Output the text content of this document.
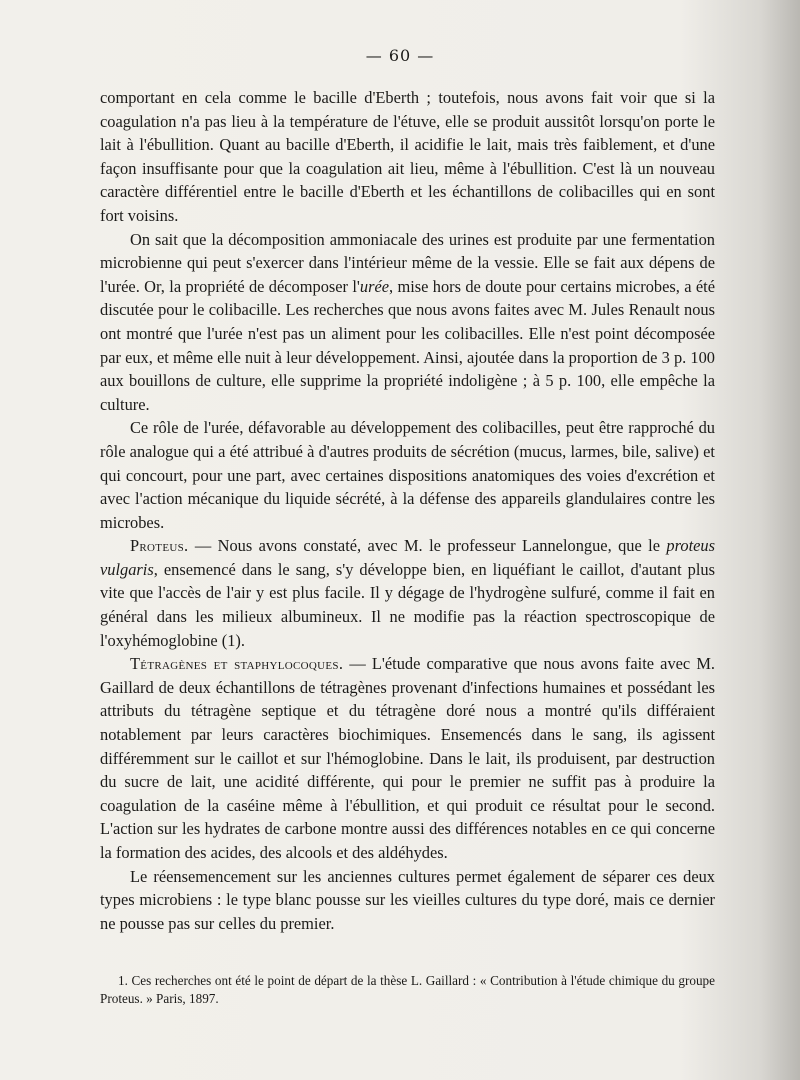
— 60 —

comportant en cela comme le bacille d'Eberth ; toutefois, nous avons fait voir que si la coagulation n'a pas lieu à la température de l'étuve, elle se produit aussitôt lorsqu'on porte le lait à l'ébullition. Quant au bacille d'Eberth, il acidifie le lait, mais très faiblement, et d'une façon insuffisante pour que la coagulation ait lieu, même à l'ébullition. C'est là un nouveau caractère différentiel entre le bacille d'Eberth et les échantillons de colibacilles qui en sont fort voisins.

On sait que la décomposition ammoniacale des urines est produite par une fermentation microbienne qui peut s'exercer dans l'intérieur même de la vessie. Elle se fait aux dépens de l'urée. Or, la propriété de décomposer l'urée, mise hors de doute pour certains microbes, a été discutée pour le colibacille. Les recherches que nous avons faites avec M. Jules Renault nous ont montré que l'urée n'est pas un aliment pour les colibacilles. Elle n'est point décomposée par eux, et même elle nuit à leur développement. Ainsi, ajoutée dans la proportion de 3 p. 100 aux bouillons de culture, elle supprime la propriété indoligène ; à 5 p. 100, elle empêche la culture.

Ce rôle de l'urée, défavorable au développement des colibacilles, peut être rapproché du rôle analogue qui a été attribué à d'autres produits de sécrétion (mucus, larmes, bile, salive) et qui concourt, pour une part, avec certaines dispositions anatomiques des voies d'excrétion et avec l'action mécanique du liquide sécrété, à la défense des appareils glandulaires contre les microbes.

Proteus. — Nous avons constaté, avec M. le professeur Lannelongue, que le proteus vulgaris, ensemencé dans le sang, s'y développe bien, en liquéfiant le caillot, d'autant plus vite que l'accès de l'air y est plus facile. Il y dégage de l'hydrogène sulfuré, comme il fait en général dans les milieux albumineux. Il ne modifie pas la réaction spectroscopique de l'oxyhémoglobine (1).

Tétragènes et staphylocoques. — L'étude comparative que nous avons faite avec M. Gaillard de deux échantillons de tétragènes provenant d'infections humaines et possédant les attributs du tétragène septique et du tétragène doré nous a montré qu'ils différaient notablement par leurs caractères biochimiques. Ensemencés dans le sang, ils agissent différemment sur le caillot et sur l'hémoglobine. Dans le lait, ils produisent, par destruction du sucre de lait, une acidité différente, qui pour le premier ne suffit pas à produire la coagulation de la caséine même à l'ébullition, et qui produit ce résultat pour le second. L'action sur les hydrates de carbone montre aussi des différences notables en ce qui concerne la formation des acides, des alcools et des aldéhydes.

Le réensemencement sur les anciennes cultures permet également de séparer ces deux types microbiens : le type blanc pousse sur les vieilles cultures du type doré, mais ce dernier ne pousse pas sur celles du premier.

1. Ces recherches ont été le point de départ de la thèse L. Gaillard : « Contribution à l'étude chimique du groupe Proteus. » Paris, 1897.
